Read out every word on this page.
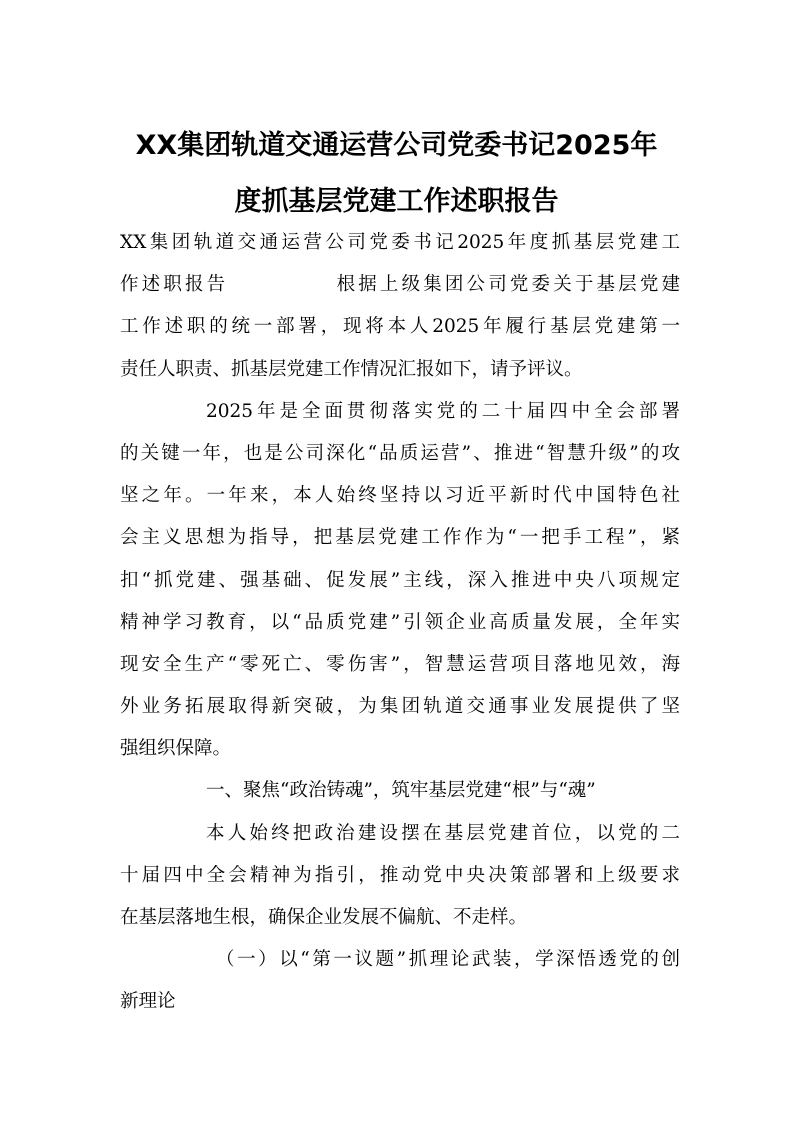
XX集团轨道交通运营公司党委书记2025年
度抓基层党建工作述职报告
XX集团轨道交通运营公司党委书记2025年度抓基层党建工
作述职报告　　　　　根据上级集团公司党委关于基层党建
工作述职的统一部署，现将本人2025年履行基层党建第一
责任人职责、抓基层党建工作情况汇报如下，请予评议。
2025年是全面贯彻落实党的二十届四中全会部署
的关键一年，也是公司深化“品质运营”、推进“智慧升级”的攻
坚之年。一年来，本人始终坚持以习近平新时代中国特色社
会主义思想为指导，把基层党建工作作为“一把手工程”，紧
扣“抓党建、强基础、促发展”主线，深入推进中央八项规定
精神学习教育，以“品质党建”引领企业高质量发展，全年实
现安全生产“零死亡、零伤害”，智慧运营项目落地见效，海
外业务拓展取得新突破，为集团轨道交通事业发展提供了坚
强组织保障。
一、聚焦“政治铸魂”，筑牢基层党建“根”与“魂”
本人始终把政治建设摆在基层党建首位，以党的二
十届四中全会精神为指引，推动党中央决策部署和上级要求
在基层落地生根，确保企业发展不偏航、不走样。
（一）以“第一议题”抓理论武装，学深悟透党的创
新理论
